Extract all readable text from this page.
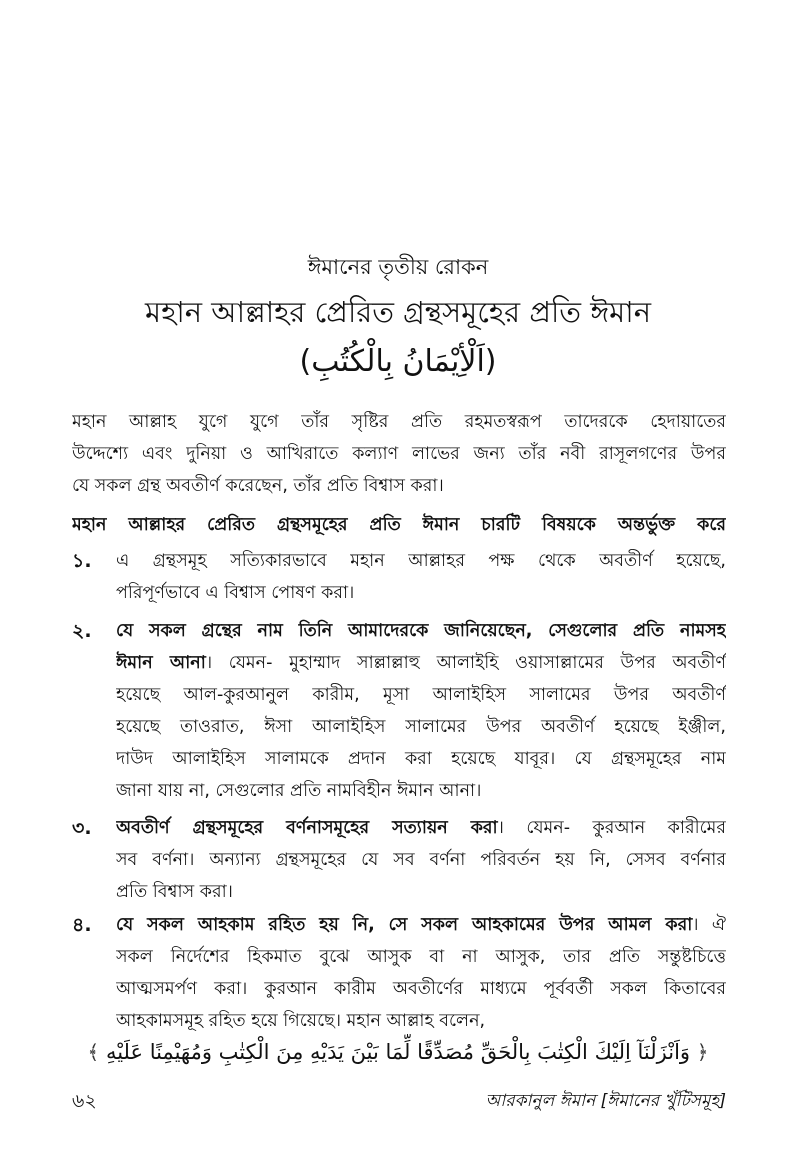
ঈমানের তৃতীয় রোকন
মহান আল্লাহর প্রেরিত গ্রন্থসমূহের প্রতি ঈমান
(اَلْأِيْمَانُ بِالْكُتُبِ)
মহান আল্লাহ যুগে যুগে তাঁর সৃষ্টির প্রতি রহমতস্বরূপ তাদেরকে হেদায়াতের
উদ্দেশ্যে এবং দুনিয়া ও আখিরাতে কল্যাণ লাভের জন্য তাঁর নবী রাসূলগণের উপর
যে সকল গ্রন্থ অবতীর্ণ করেছেন, তাঁর প্রতি বিশ্বাস করা।
মহান আল্লাহর প্রেরিত গ্রন্থসমূহের প্রতি ঈমান চারটি বিষয়কে অন্তর্ভুক্ত করে
১.	এ গ্রন্থসমূহ সত্যিকারভাবে মহান আল্লাহর পক্ষ থেকে অবতীর্ণ হয়েছে,
পরিপূর্ণভাবে এ বিশ্বাস পোষণ করা।
২.	যে সকল গ্রন্থের নাম তিনি আমাদেরকে জানিয়েছেন, সেগুলোর প্রতি নামসহ
ঈমান আনা। যেমন- মুহাম্মাদ সাল্লাল্লাহু আলাইহি ওয়াসাল্লামের উপর অবতীর্ণ
হয়েছে আল-কুরআনুল কারীম, মূসা আলাইহিস সালামের উপর অবতীর্ণ
হয়েছে তাওরাত, ঈসা আলাইহিস সালামের উপর অবতীর্ণ হয়েছে ইঞ্জীল,
দাউদ আলাইহিস সালামকে প্রদান করা হয়েছে যাবূর। যে গ্রন্থসমূহের নাম
জানা যায় না, সেগুলোর প্রতি নামবিহীন ঈমান আনা।
৩.	অবতীর্ণ গ্রন্থসমূহের বর্ণনাসমূহের সত্যায়ন করা। যেমন- কুরআন কারীমের
সব বর্ণনা। অন্যান্য গ্রন্থসমূহের যে সব বর্ণনা পরিবর্তন হয় নি, সেসব বর্ণনার
প্রতি বিশ্বাস করা।
৪.	যে সকল আহকাম রহিত হয় নি, সে সকল আহকামের উপর আমল করা। ঐ
সকল নির্দেশের হিকমাত বুঝে আসুক বা না আসুক, তার প্রতি সন্তুষ্টচিত্তে
আত্মসমর্পণ করা। কুরআন কারীম অবতীর্ণের মাধ্যমে পূর্ববর্তী সকল কিতাবের
আহকামসমূহ রহিত হয়ে গিয়েছে। মহান আল্লাহ বলেন,
﴿ وَاَنْزَلْنَآ اِلَيْكَ الْكِتٰبَ بِالْحَقِّ مُصَدِّقًا لِّمَا بَيْنَ يَدَيْهِ مِنَ الْكِتٰبِ وَمُهَيْمِنًا عَلَيْهِ ﴾
৬২	আরকানুল ঈমান [ঈমানের খুঁটিসমূহ]
